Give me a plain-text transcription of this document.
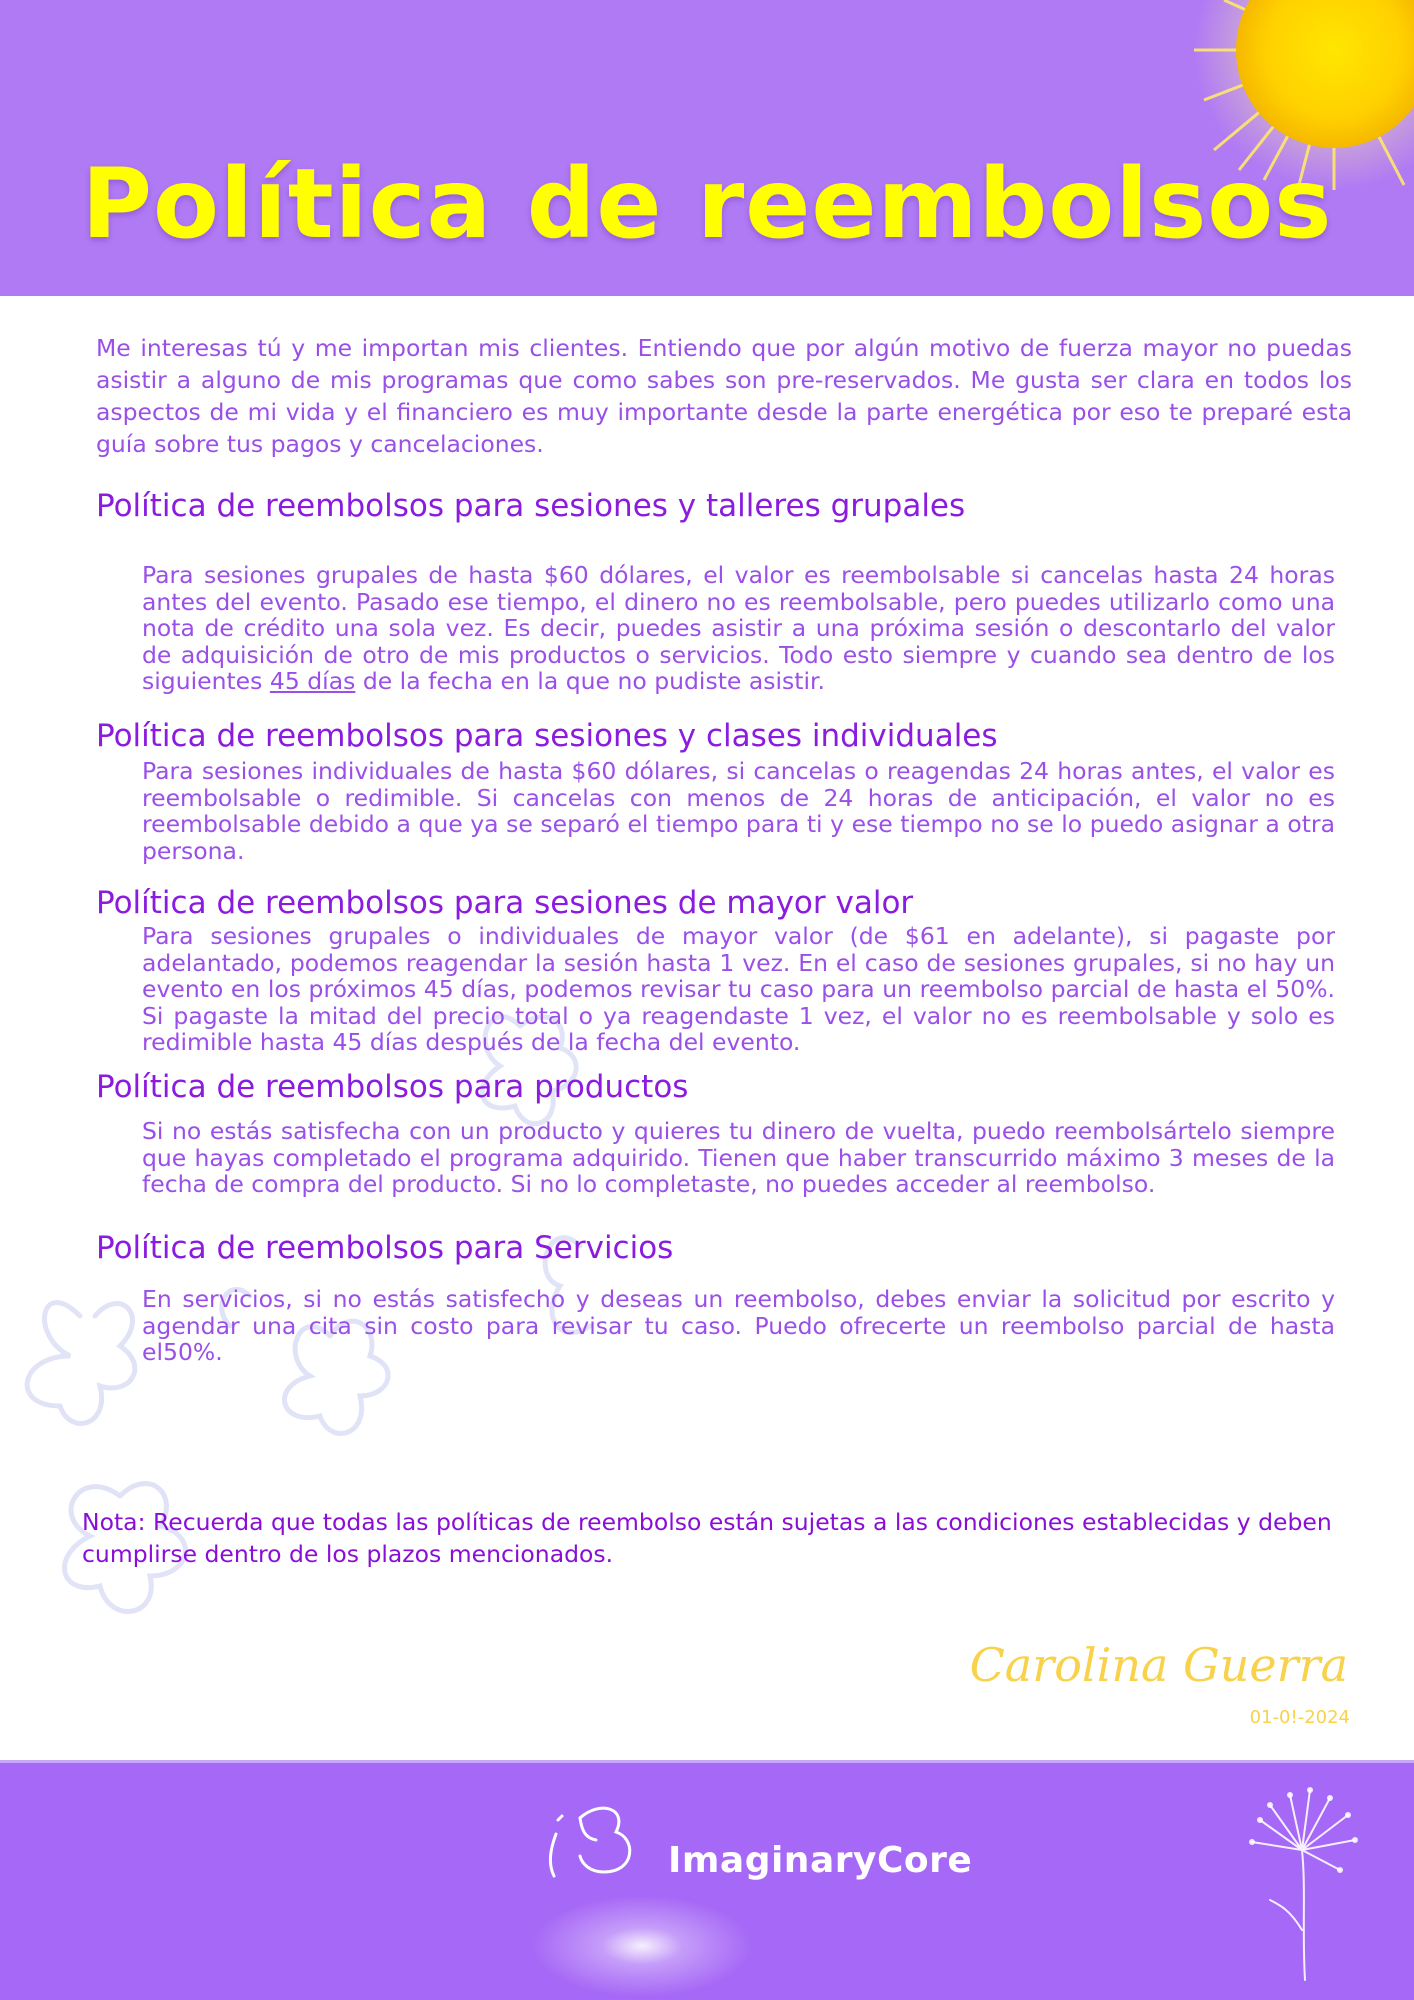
Política de reembolsos
Me interesas tú y me importan mis clientes. Entiendo que por algún motivo de fuerza mayor no puedas asistir a alguno de mis programas que como sabes son pre-reservados. Me gusta ser clara en todos los aspectos de mi vida y el financiero es muy importante desde la parte energética por eso te preparé esta guía sobre tus pagos y cancelaciones.
Política de reembolsos para sesiones y talleres grupales
Para sesiones grupales de hasta $60 dólares, el valor es reembolsable si cancelas hasta 24 horas antes del evento. Pasado ese tiempo, el dinero no es reembolsable, pero puedes utilizarlo como una nota de crédito una sola vez. Es decir, puedes asistir a una próxima sesión o descontarlo del valor de adquisición de otro de mis productos o servicios. Todo esto siempre y cuando sea dentro de los siguientes 45 días de la fecha en la que no pudiste asistir.
Política de reembolsos para sesiones y clases individuales
Para sesiones individuales de hasta $60 dólares, si cancelas o reagendas 24 horas antes, el valor es reembolsable o redimible. Si cancelas con menos de 24 horas de anticipación, el valor no es reembolsable debido a que ya se separó el tiempo para ti y ese tiempo no se lo puedo asignar a otra persona.
Política de reembolsos para sesiones de mayor valor
Para sesiones grupales o individuales de mayor valor (de $61 en adelante), si pagaste por adelantado, podemos reagendar la sesión hasta 1 vez. En el caso de sesiones grupales, si no hay un evento en los próximos 45 días, podemos revisar tu caso para un reembolso parcial de hasta el 50%. Si pagaste la mitad del precio total o ya reagendaste 1 vez, el valor no es reembolsable y solo es redimible hasta 45 días después de la fecha del evento.
Política de reembolsos para productos
Si no estás satisfecha con un producto y quieres tu dinero de vuelta, puedo reembolsártelo siempre que hayas completado el programa adquirido. Tienen que haber transcurrido máximo 3 meses de la fecha de compra del producto. Si no lo completaste, no puedes acceder al reembolso.
Política de reembolsos para Servicios
En servicios, si no estás satisfecho y deseas un reembolso, debes enviar la solicitud por escrito y agendar una cita sin costo para revisar tu caso. Puedo ofrecerte un reembolso parcial de hasta el50%.
Nota: Recuerda que todas las políticas de reembolso están sujetas a las condiciones establecidas y deben cumplirse dentro de los plazos mencionados.
Carolina Guerra
01-0!-2024
ImaginaryCore
